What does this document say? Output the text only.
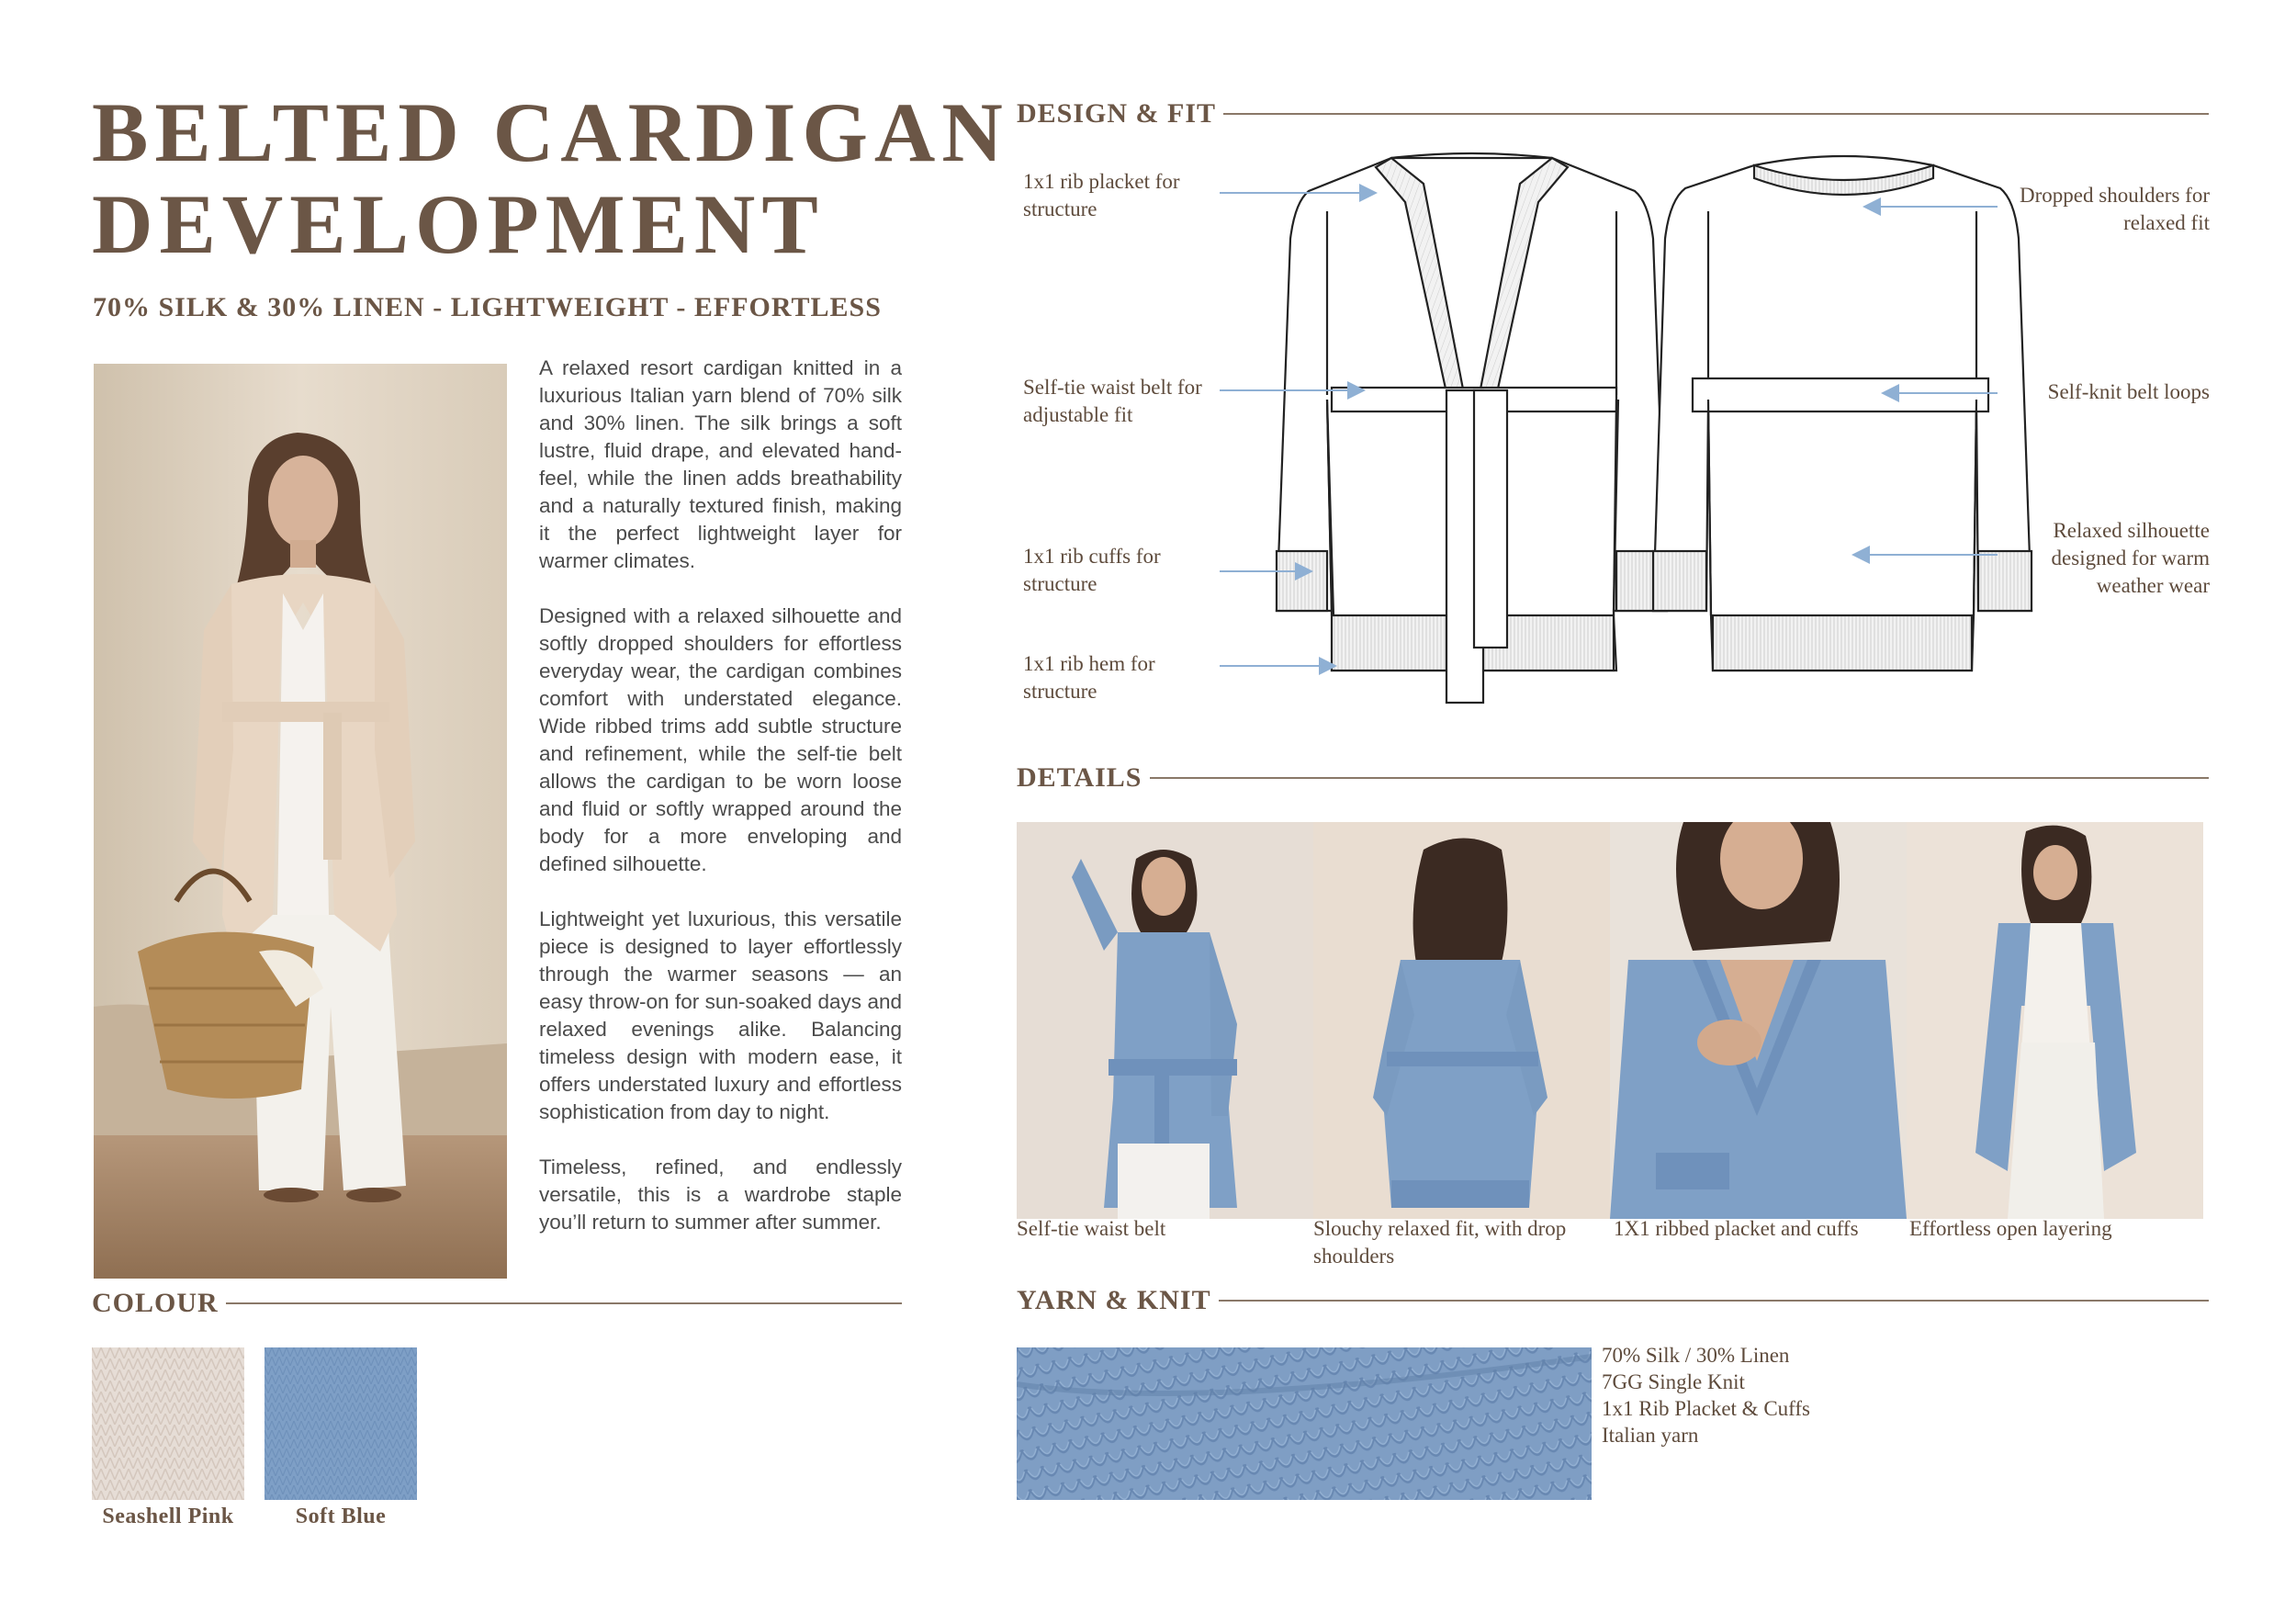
BELTED CARDIGAN
DEVELOPMENT
70% SILK & 30% LINEN - LIGHTWEIGHT - EFFORTLESS

A relaxed resort cardigan knitted in a luxurious Italian yarn blend of 70% silk and 30% linen. The silk brings a soft lustre, fluid drape, and elevated hand-feel, while the linen adds breathability and a naturally textured finish, making it the perfect lightweight layer for warmer climates.

Designed with a relaxed silhouette and softly dropped shoulders for effortless everyday wear, the cardigan combines comfort with understated elegance. Wide ribbed trims add subtle structure and refinement, while the self-tie belt allows the cardigan to be worn loose and fluid or softly wrapped around the body for a more enveloping and defined silhouette.

Lightweight yet luxurious, this versatile piece is designed to layer effortlessly through the warmer seasons — an easy throw-on for sun-soaked days and relaxed evenings alike. Balancing timeless design with modern ease, it offers understated luxury and effortless sophistication from day to night.

Timeless, refined, and endlessly versatile, this is a wardrobe staple you’ll return to summer after summer.

COLOUR
Seashell Pink	Soft Blue
DESIGN & FIT
1x1 rib placket for
structure
Self-tie waist belt for
adjustable fit
1x1 rib cuffs for
structure
1x1 rib hem for
structure
Dropped shoulders for
relaxed fit
Self-knit belt loops
Relaxed silhouette
designed for warm
weather wear
DETAILS
Self-tie waist belt	Slouchy relaxed fit, with drop shoulders
1X1 ribbed placket and cuffs	Effortless open layering
YARN & KNIT
70% Silk / 30% Linen
7GG Single Knit
1x1 Rib Placket & Cuffs
Italian yarn
